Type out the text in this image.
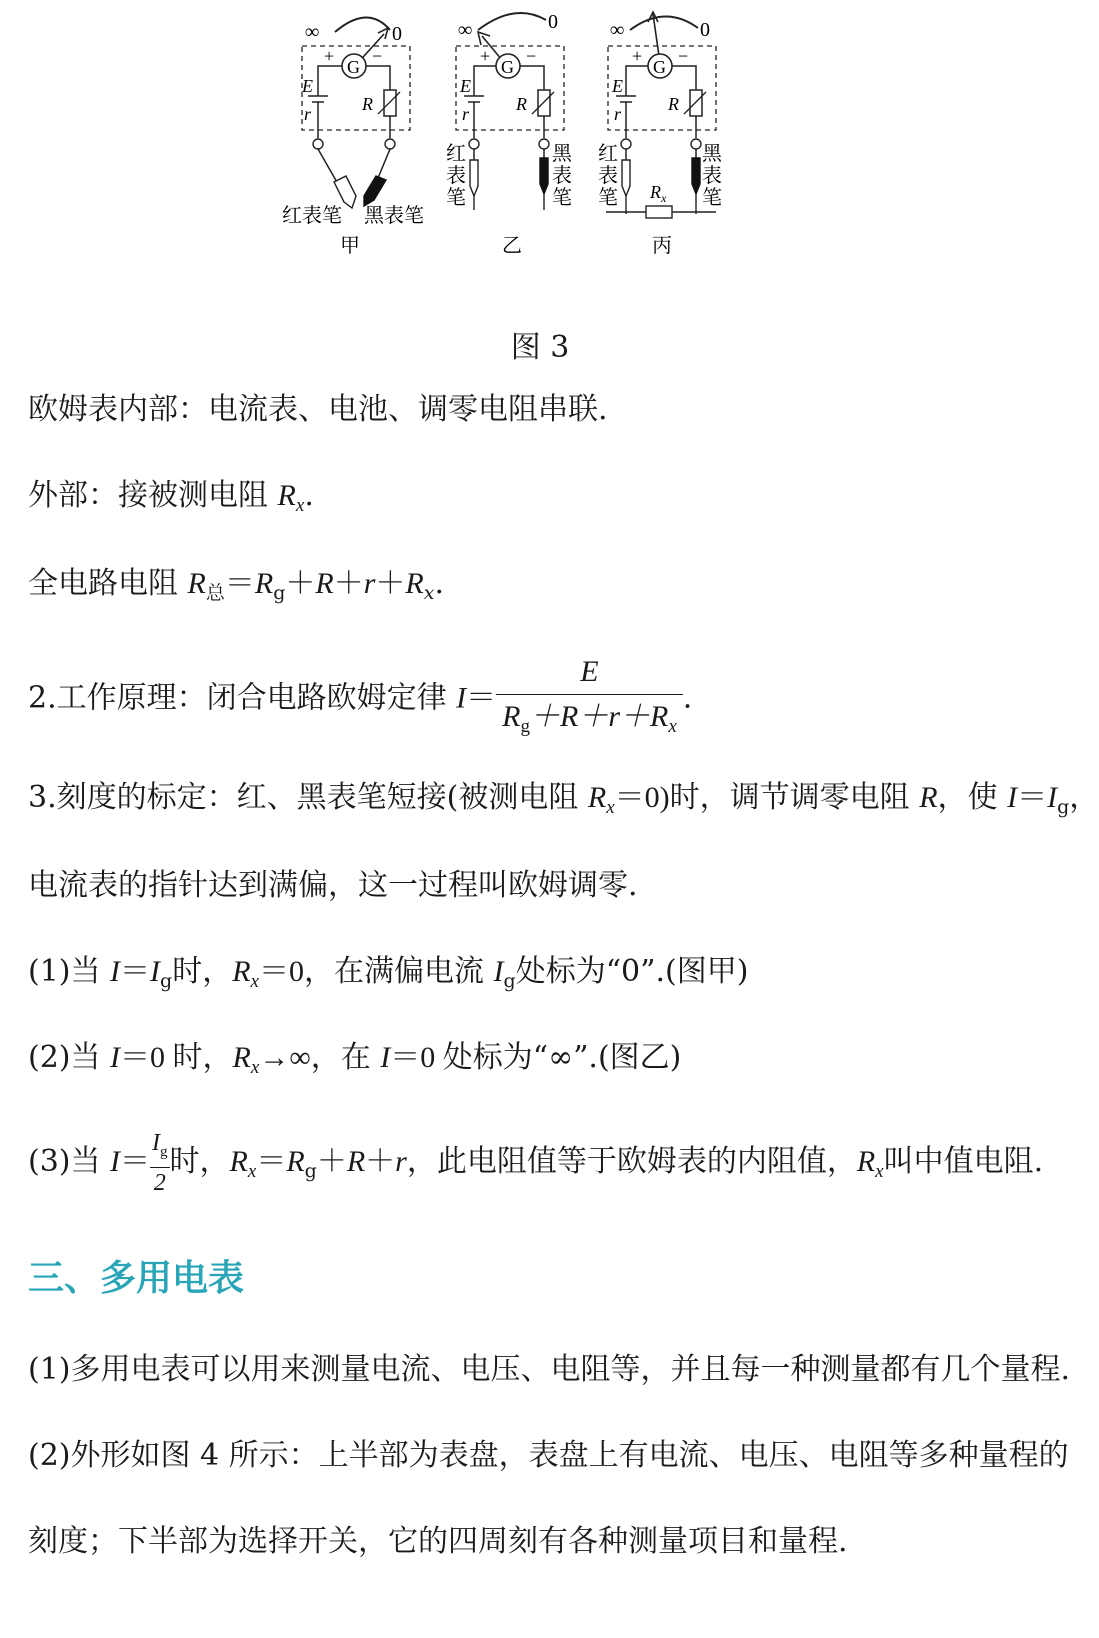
∞	0
G
+ −
E
r	R
红表笔 黑表笔
甲
∞	0
G
+ −
E
r	R
红表笔
黑表笔
乙
∞	0
G
+ −
E
r	R
$R_x$
红表笔
黑表笔
丙
图 3
欧姆表内部：电流表、电池、调零电阻串联.
外部：接被测电阻 $R_x$.
全电路电阻 $R_总=R_g+R+r+R_x$.
2.工作原理：闭合电路欧姆定律 $I= \frac{E}{R_g+R+r+R_x}$ .
3.刻度的标定：红、黑表笔短接(被测电阻 $R_x=0$)时，调节调零电阻 R，使 $I=I_g$，
电流表的指针达到满偏，这一过程叫欧姆调零.
(1)当 $I=I_g$时，$R_x=0$，在满偏电流 $I_g$处标为“0”.(图甲)
(2)当 I＝0 时，$R_x\to\infty$，在 I＝0 处标为“∞”.(图乙)
(3)当 $I= \frac{I_g}{2}$ 时，$R_x=R_g+R+r$，此电阻值等于欧姆表的内阻值，$R_x$叫中值电阻.
三、多用电表
(1)多用电表可以用来测量电流、电压、电阻等，并且每一种测量都有几个量程.
(2)外形如图 4 所示：上半部为表盘，表盘上有电流、电压、电阻等多种量程的
刻度；下半部为选择开关，它的四周刻有各种测量项目和量程.
